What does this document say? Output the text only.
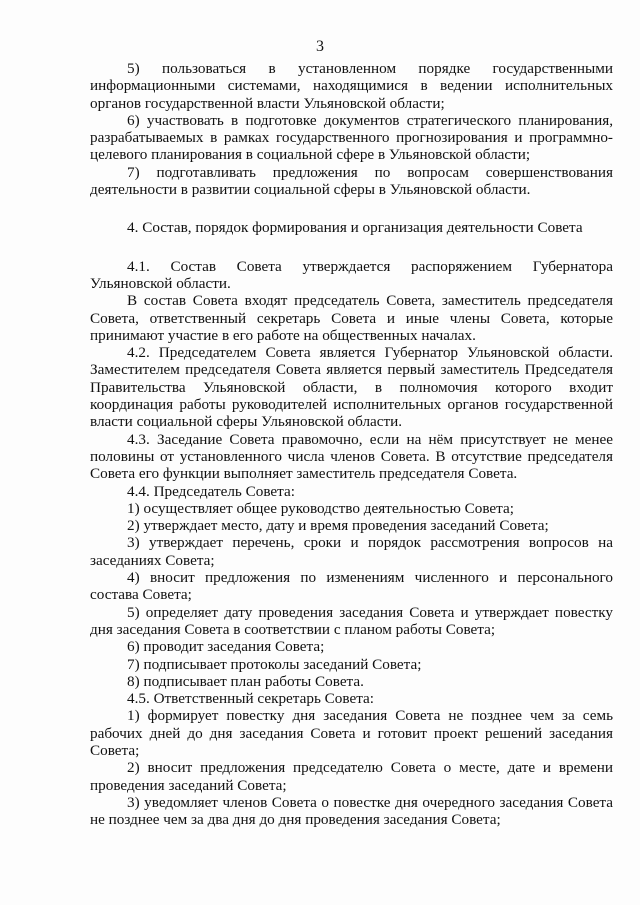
3

5) пользоваться в установленном порядке государственными информационными системами, находящимися в ведении исполнительных органов государственной власти Ульяновской области;

6) участвовать в подготовке документов стратегического планирования, разрабатываемых в рамках государственного прогнозирования и программно-целевого планирования в социальной сфере в Ульяновской области;

7) подготавливать предложения по вопросам совершенствования деятельности в развитии социальной сферы в Ульяновской области.

4. Состав, порядок формирования и организация деятельности Совета

4.1. Состав Совета утверждается распоряжением Губернатора Ульяновской области.

В состав Совета входят председатель Совета, заместитель председателя Совета, ответственный секретарь Совета и иные члены Совета, которые принимают участие в его работе на общественных началах.

4.2. Председателем Совета является Губернатор Ульяновской области. Заместителем председателя Совета является первый заместитель Председателя Правительства Ульяновской области, в полномочия которого входит координация работы руководителей исполнительных органов государственной власти социальной сферы Ульяновской области.

4.3. Заседание Совета правомочно, если на нём присутствует не менее половины от установленного числа членов Совета. В отсутствие председателя Совета его функции выполняет заместитель председателя Совета.

4.4. Председатель Совета:

1) осуществляет общее руководство деятельностью Совета;

2) утверждает место, дату и время проведения заседаний Совета;

3) утверждает перечень, сроки и порядок рассмотрения вопросов на заседаниях Совета;

4) вносит предложения по изменениям численного и персонального состава Совета;

5) определяет дату проведения заседания Совета и утверждает повестку дня заседания Совета в соответствии с планом работы Совета;

6) проводит заседания Совета;

7) подписывает протоколы заседаний Совета;

8) подписывает план работы Совета.

4.5. Ответственный секретарь Совета:

1) формирует повестку дня заседания Совета не позднее чем за семь рабочих дней до дня заседания Совета и готовит проект решений заседания Совета;

2) вносит предложения председателю Совета о месте, дате и времени проведения заседаний Совета;

3) уведомляет членов Совета о повестке дня очередного заседания Совета не позднее чем за два дня до дня проведения заседания Совета;
